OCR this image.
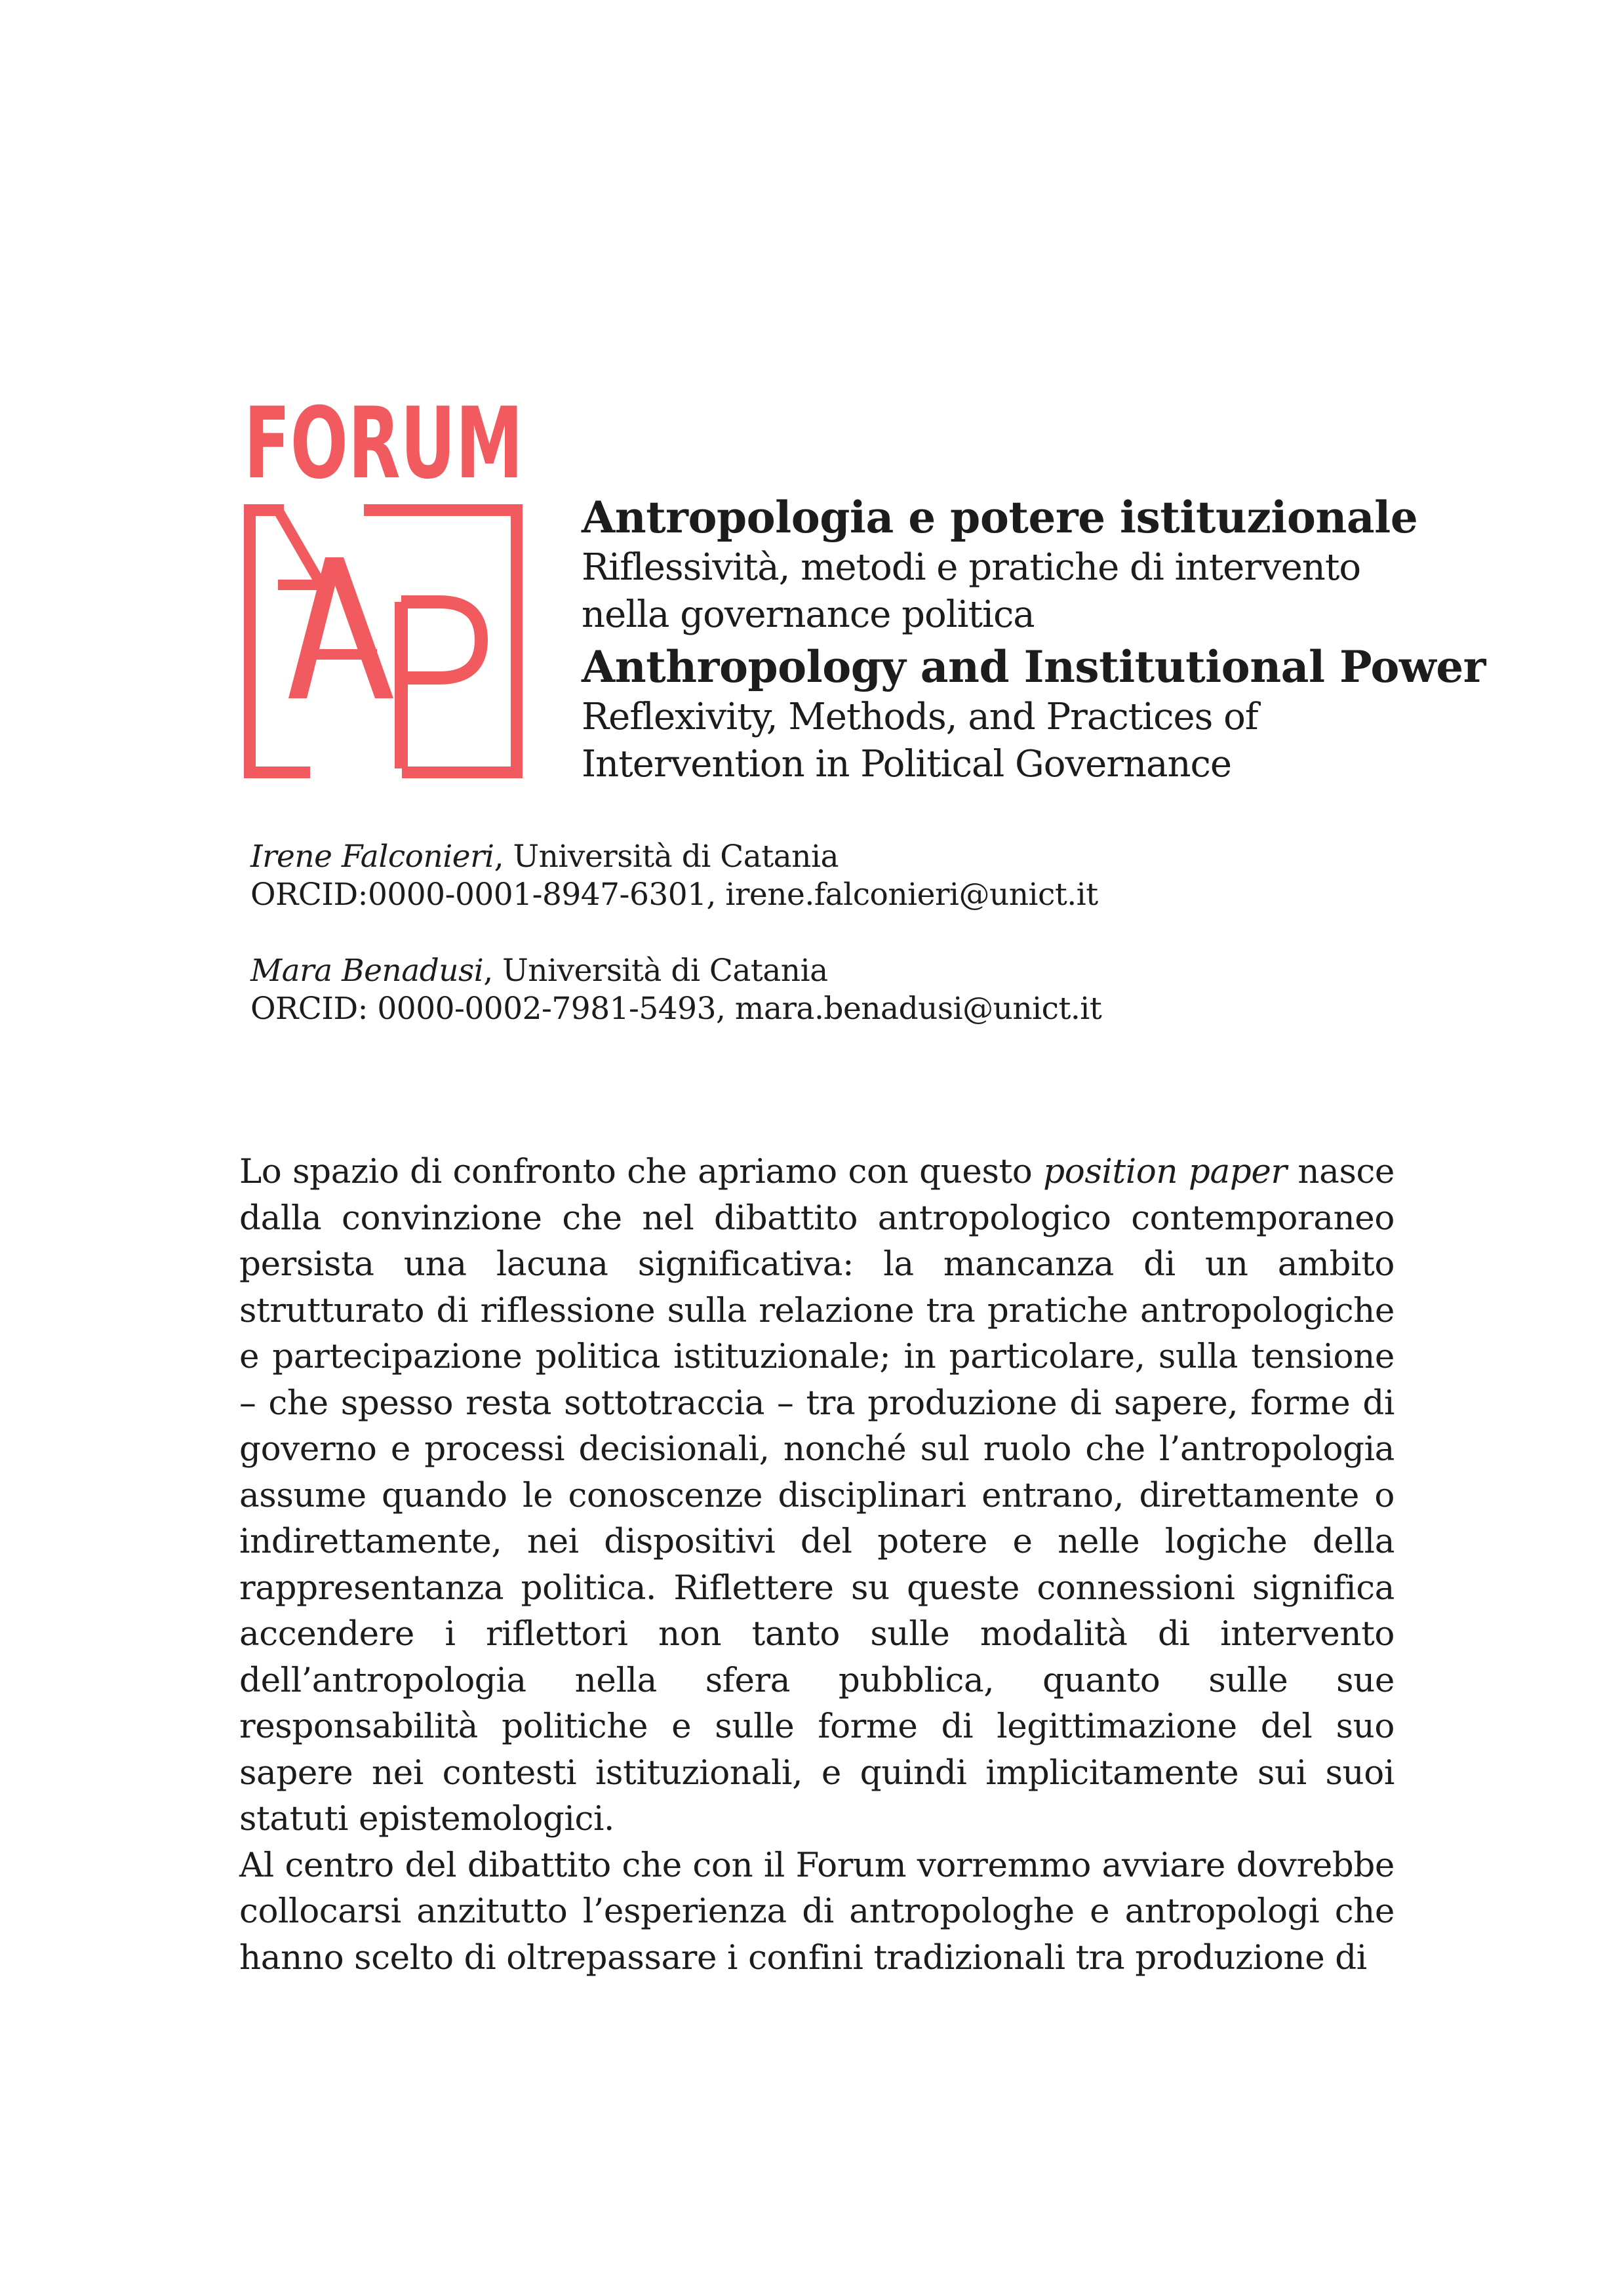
FORUM
Antropologia e potere istituzionale
Riflessività, metodi e pratiche di intervento
nella governance politica
Anthropology and Institutional Power
Reflexivity, Methods, and Practices of
Intervention in Political Governance
Irene Falconieri, Università di Catania
ORCID:0000-0001-8947-6301, irene.falconieri@unict.it
Mara Benadusi, Università di Catania
ORCID: 0000-0002-7981-5493, mara.benadusi@unict.it

Lo spazio di confronto che apriamo con questo position paper nasce dalla convinzione che nel dibattito antropologico contemporaneo persista una lacuna significativa: la mancanza di un ambito strutturato di riflessione sulla relazione tra pratiche antropologiche e partecipazione politica istituzionale; in particolare, sulla tensione – che spesso resta sottotraccia – tra produzione di sapere, forme di governo e processi decisionali, nonché sul ruolo che l’antropologia assume quando le conoscenze disciplinari entrano, direttamente o indirettamente, nei dispositivi del potere e nelle logiche della rappresentanza politica. Riflettere su queste connessioni significa accendere i riflettori non tanto sulle modalità di intervento dell’antropologia nella sfera pubblica, quanto sulle sue responsabilità politiche e sulle forme di legittimazione del suo sapere nei contesti istituzionali, e quindi implicitamente sui suoi statuti epistemologici.

Al centro del dibattito che con il Forum vorremmo avviare dovrebbe collocarsi anzitutto l’esperienza di antropologhe e antropologi che hanno scelto di oltrepassare i confini tradizionali tra produzione di
